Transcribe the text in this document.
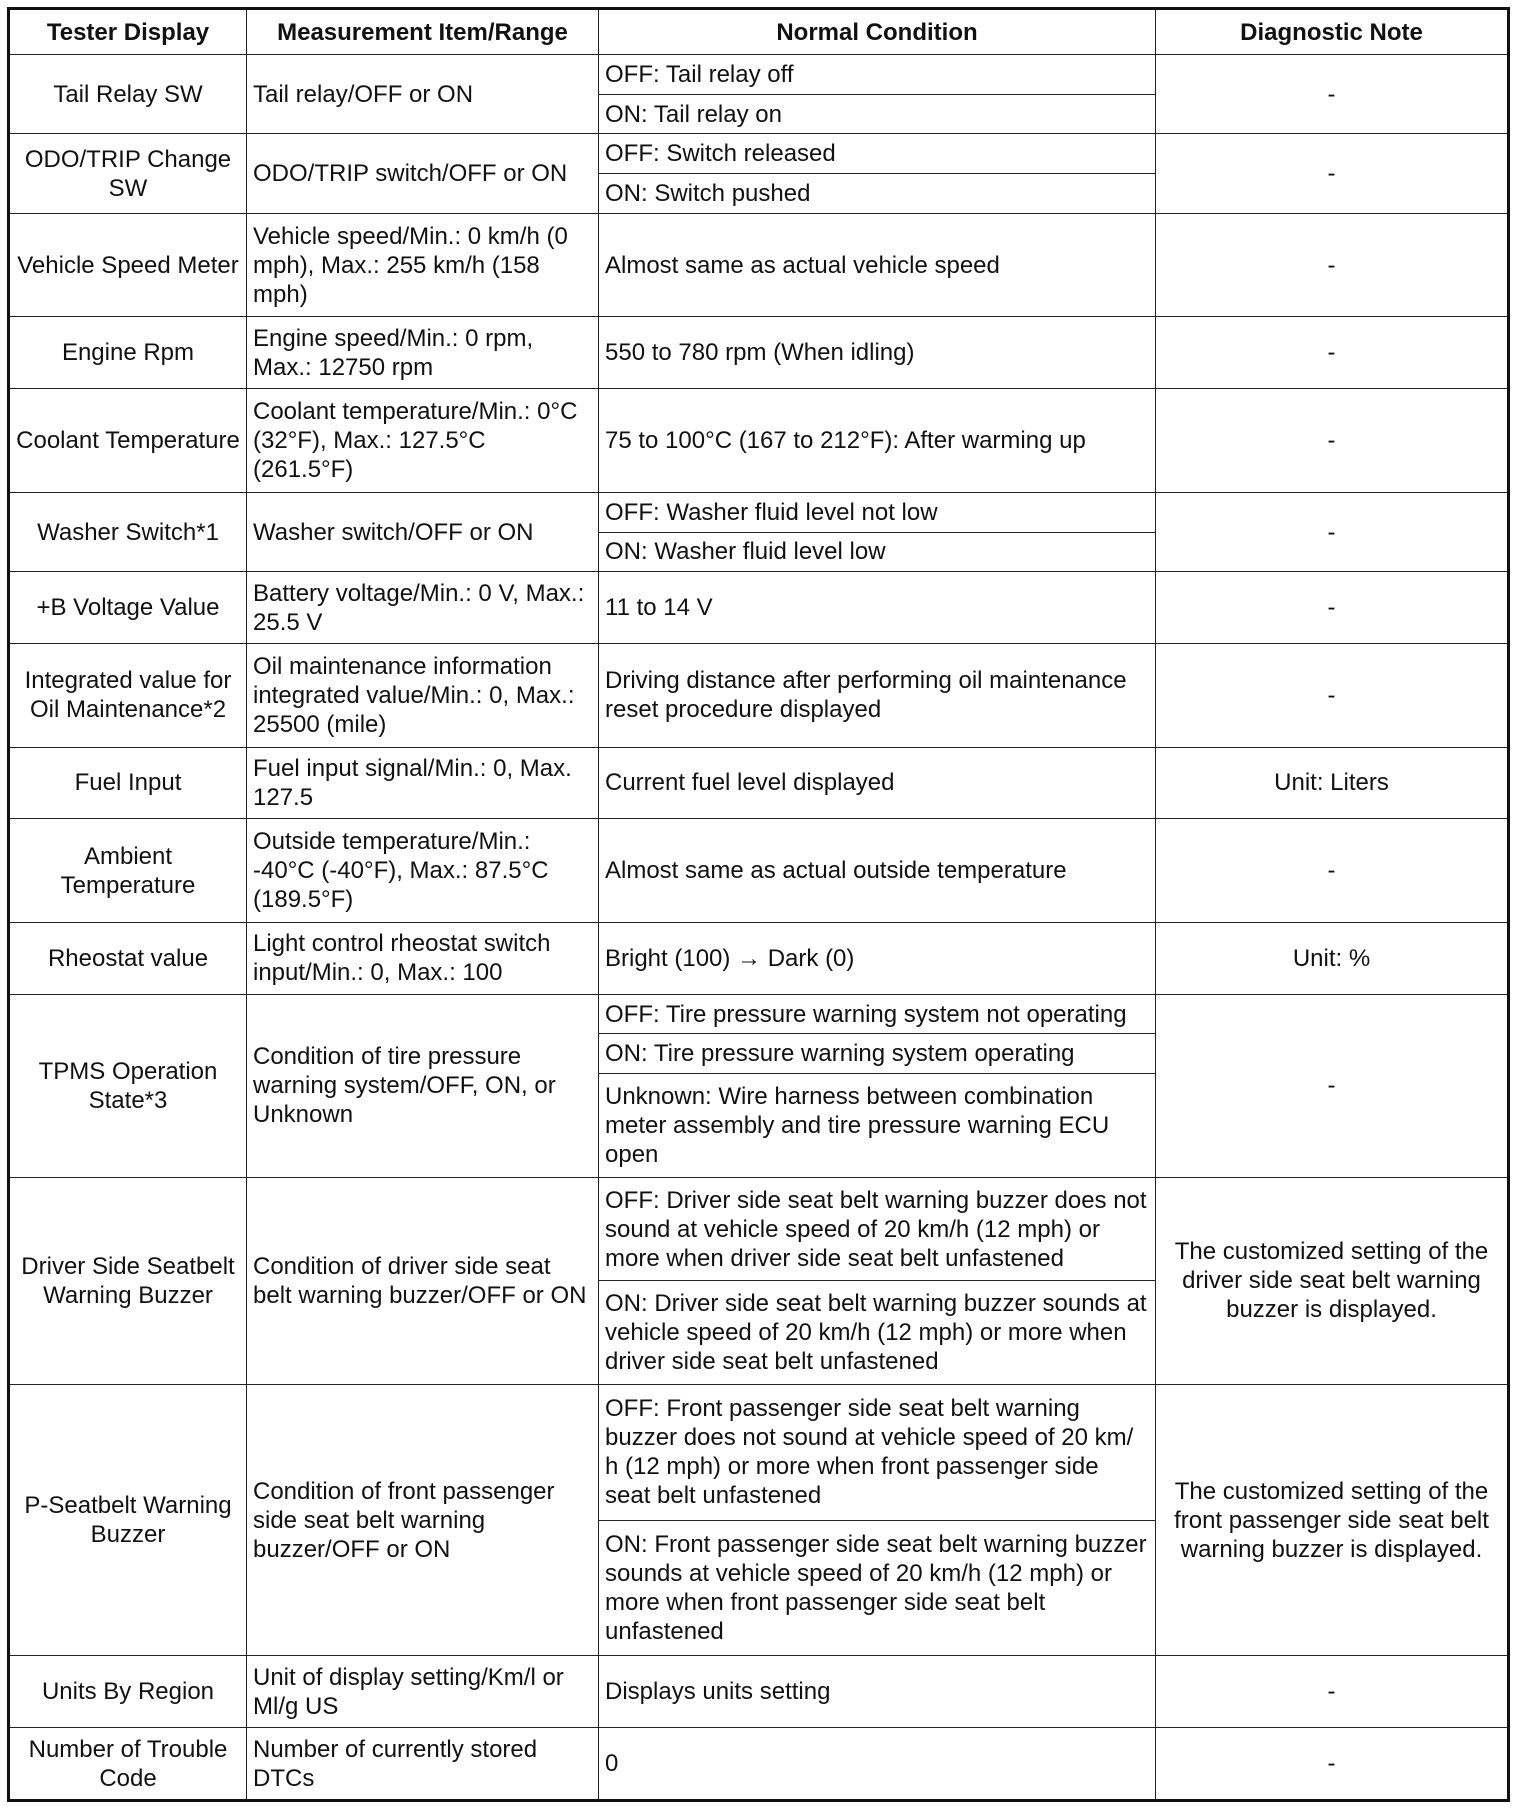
Tester Display	Measurement Item/Range	Normal Condition	Diagnostic Note
Tail Relay SW	Tail relay/OFF or ON	OFF: Tail relay off	-
		ON: Tail relay on	
ODO/TRIP Change SW	ODO/TRIP switch/OFF or ON	OFF: Switch released	-
		ON: Switch pushed	
Vehicle Speed Meter	Vehicle speed/Min.: 0 km/h (0 mph), Max.: 255 km/h (158 mph)	Almost same as actual vehicle speed	-
Engine Rpm	Engine speed/Min.: 0 rpm, Max.: 12750 rpm	550 to 780 rpm (When idling)	-
Coolant Temperature	Coolant temperature/Min.: 0°C (32°F), Max.: 127.5°C (261.5°F)	75 to 100°C (167 to 212°F): After warming up	-
Washer Switch*1	Washer switch/OFF or ON	OFF: Washer fluid level not low	-
		ON: Washer fluid level low	
+B Voltage Value	Battery voltage/Min.: 0 V, Max.: 25.5 V	11 to 14 V	-
Integrated value for Oil Maintenance*2	Oil maintenance information integrated value/Min.: 0, Max.: 25500 (mile)	Driving distance after performing oil maintenance reset procedure displayed	-
Fuel Input	Fuel input signal/Min.: 0, Max. 127.5	Current fuel level displayed	Unit: Liters
Ambient Temperature	Outside temperature/Min.: -40°C (-40°F), Max.: 87.5°C (189.5°F)	Almost same as actual outside temperature	-
Rheostat value	Light control rheostat switch input/Min.: 0, Max.: 100	Bright (100) → Dark (0)	Unit: %
TPMS Operation State*3	Condition of tire pressure warning system/OFF, ON, or Unknown	OFF: Tire pressure warning system not operating	-
		ON: Tire pressure warning system operating	
		Unknown: Wire harness between combination meter assembly and tire pressure warning ECU open	
Driver Side Seatbelt Warning Buzzer	Condition of driver side seat belt warning buzzer/OFF or ON	OFF: Driver side seat belt warning buzzer does not sound at vehicle speed of 20 km/h (12 mph) or more when driver side seat belt unfastened	The customized setting of the driver side seat belt warning buzzer is displayed.
		ON: Driver side seat belt warning buzzer sounds at vehicle speed of 20 km/h (12 mph) or more when driver side seat belt unfastened	
P-Seatbelt Warning Buzzer	Condition of front passenger side seat belt warning buzzer/OFF or ON	OFF: Front passenger side seat belt warning buzzer does not sound at vehicle speed of 20 km/ h (12 mph) or more when front passenger side seat belt unfastened	The customized setting of the front passenger side seat belt warning buzzer is displayed.
		ON: Front passenger side seat belt warning buzzer sounds at vehicle speed of 20 km/h (12 mph) or more when front passenger side seat belt unfastened	
Units By Region	Unit of display setting/Km/l or Ml/g US	Displays units setting	-
Number of Trouble Code	Number of currently stored DTCs	0	-
